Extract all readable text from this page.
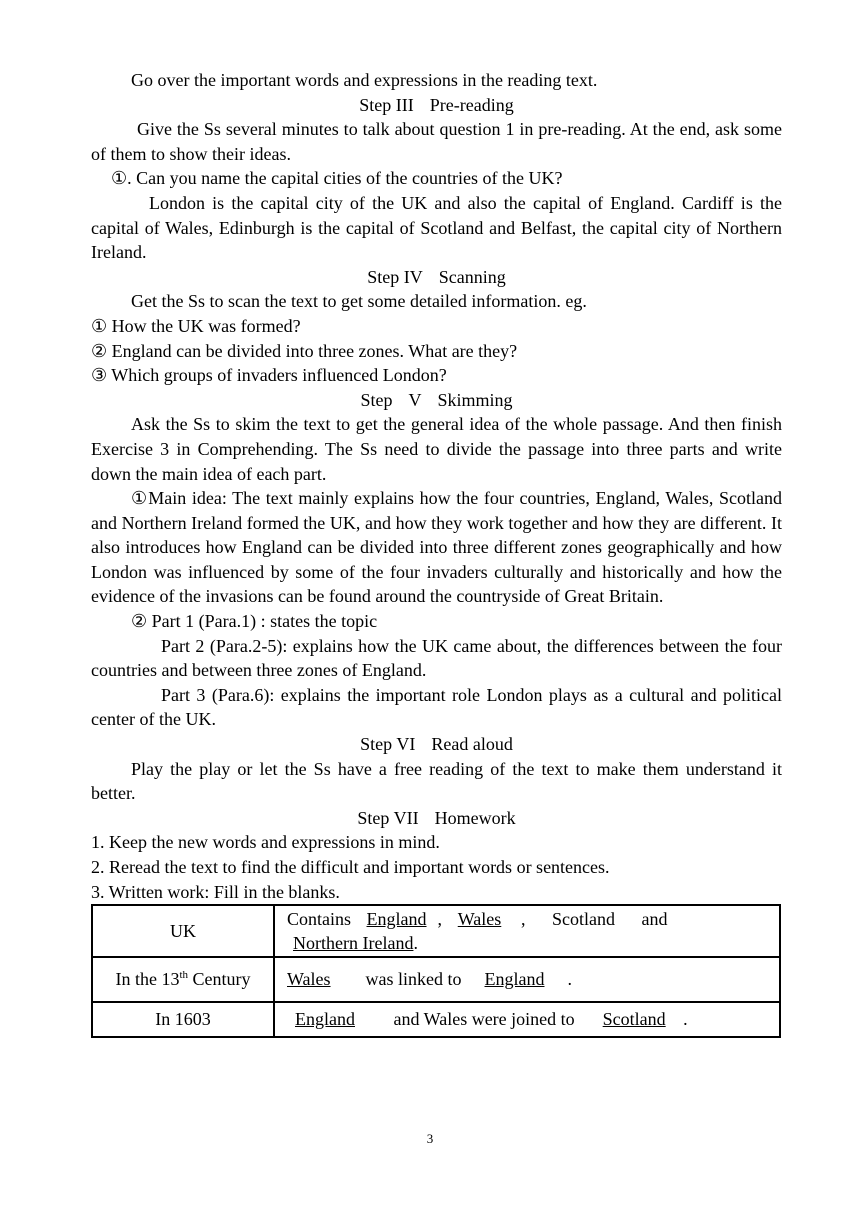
Go over the important words and expressions in the reading text.

Step III Pre-reading

Give the Ss several minutes to talk about question 1 in pre-reading. At the end, ask some of them to show their ideas.

①. Can you name the capital cities of the countries of the UK?

London is the capital city of the UK and also the capital of England. Cardiff is the capital of Wales, Edinburgh is the capital of Scotland and Belfast, the capital city of Northern Ireland.

Step IV Scanning

Get the Ss to scan the text to get some detailed information. eg.

① How the UK was formed?

② England can be divided into three zones. What are they?

③ Which groups of invaders influenced London?

Step V Skimming

Ask the Ss to skim the text to get the general idea of the whole passage. And then finish Exercise 3 in Comprehending. The Ss need to divide the passage into three parts and write down the main idea of each part.

①Main idea: The text mainly explains how the four countries, England, Wales, Scotland and Northern Ireland formed the UK, and how they work together and how they are different. It also introduces how England can be divided into three different zones geographically and how London was influenced by some of the four invaders culturally and historically and how the evidence of the invasions can be found around the countryside of Great Britain.

② Part 1 (Para.1) : states the topic

Part 2 (Para.2-5): explains how the UK came about, the differences between the four countries and between three zones of England.

Part 3 (Para.6): explains the important role London plays as a cultural and political center of the UK.

Step VI Read aloud

Play the play or let the Ss have a free reading of the text to make them understand it better.

Step VII Homework

1. Keep the new words and expressions in mind.

2. Reread the text to find the difficult and important words or sentences.

3. Written work: Fill in the blanks.

UK	Contains England , Wales , Scotland and
Northern Ireland.
In the 13th Century	Wales was linked to England .
In 1603	England and Wales were joined to Scotland .
3
